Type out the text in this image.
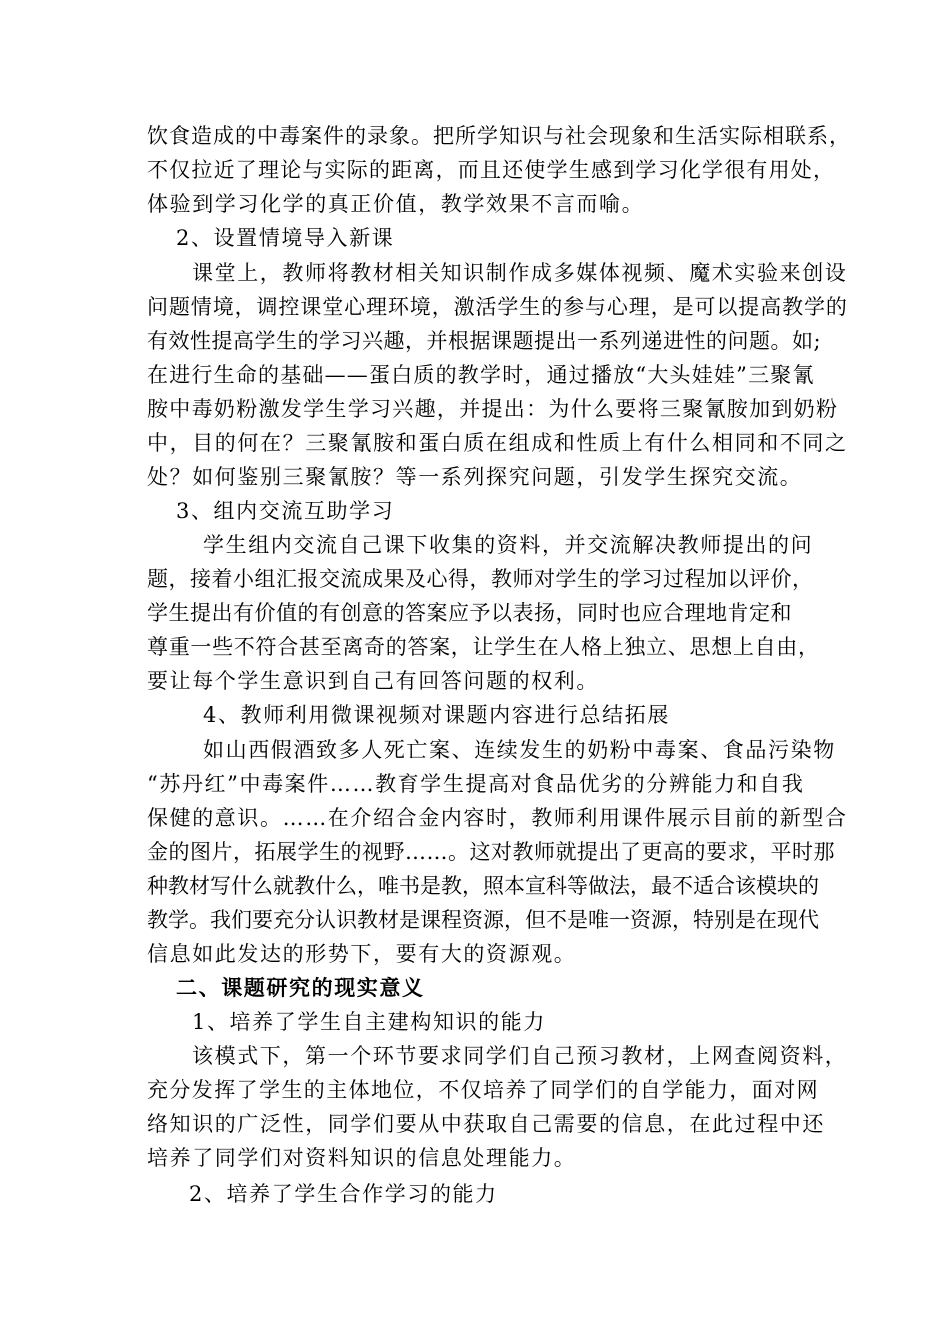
饮食造成的中毒案件的录象。把所学知识与社会现象和生活实际相联系，
不仅拉近了理论与实际的距离，而且还使学生感到学习化学很有用处，
体验到学习化学的真正价值，教学效果不言而喻。
2、设置情境导入新课
课堂上，教师将教材相关知识制作成多媒体视频、魔术实验来创设
问题情境，调控课堂心理环境，激活学生的参与心理，是可以提高教学的
有效性提高学生的学习兴趣，并根据课题提出一系列递进性的问题。如;
在进行生命的基础——蛋白质的教学时，通过播放“大头娃娃”三聚氰
胺中毒奶粉激发学生学习兴趣，并提出：为什么要将三聚氰胺加到奶粉
中，目的何在？三聚氰胺和蛋白质在组成和性质上有什么相同和不同之
处？如何鉴别三聚氰胺？等一系列探究问题，引发学生探究交流。
3、组内交流互助学习
学生组内交流自己课下收集的资料，并交流解决教师提出的问
题，接着小组汇报交流成果及心得，教师对学生的学习过程加以评价，
学生提出有价值的有创意的答案应予以表扬，同时也应合理地肯定和
尊重一些不符合甚至离奇的答案，让学生在人格上独立、思想上自由，
要让每个学生意识到自己有回答问题的权利。
4、教师利用微课视频对课题内容进行总结拓展
如山西假酒致多人死亡案、连续发生的奶粉中毒案、食品污染物
“苏丹红”中毒案件……教育学生提高对食品优劣的分辨能力和自我
保健的意识。……在介绍合金内容时，教师利用课件展示目前的新型合
金的图片，拓展学生的视野……。这对教师就提出了更高的要求，平时那
种教材写什么就教什么，唯书是教，照本宣科等做法，最不适合该模块的
教学。我们要充分认识教材是课程资源，但不是唯一资源，特别是在现代
信息如此发达的形势下，要有大的资源观。
二、课题研究的现实意义
1、培养了学生自主建构知识的能力
该模式下，第一个环节要求同学们自己预习教材，上网查阅资料，
充分发挥了学生的主体地位，不仅培养了同学们的自学能力，面对网
络知识的广泛性，同学们要从中获取自己需要的信息，在此过程中还
培养了同学们对资料知识的信息处理能力。
2、培养了学生合作学习的能力
